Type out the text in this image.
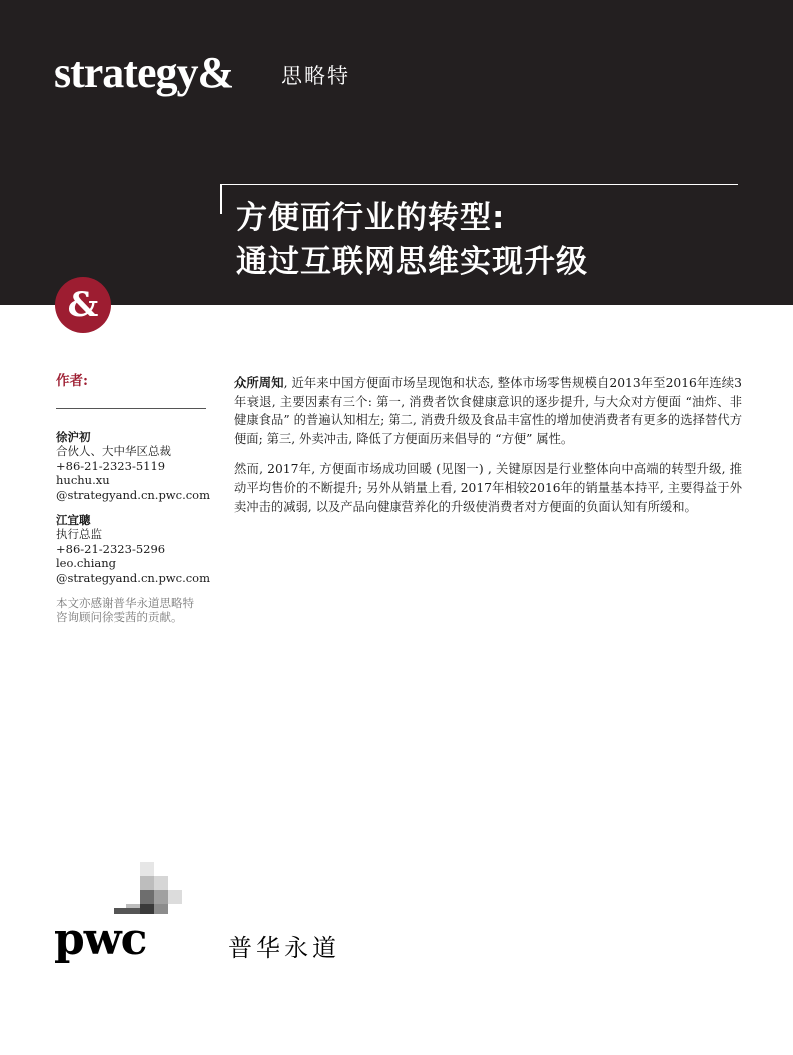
strategy& 思略特
方便面行业的转型:
通过互联网思维实现升级
&
作者:
徐沪初
合伙人、大中华区总裁
+86-21-2323-5119
huchu.xu
@strategyand.cn.pwc.com
江宜聰
执行总监
+86-21-2323-5296
leo.chiang
@strategyand.cn.pwc.com
本文亦感谢普华永道思略特
咨询顾问徐雯茜的贡献。

众所周知, 近年来中国方便面市场呈现饱和状态, 整体市场零售规模自2013年至2016年连续3年衰退, 主要因素有三个: 第一, 消费者饮食健康意识的逐步提升, 与大众对方便面 “油炸、非健康食品” 的普遍认知相左; 第二, 消费升级及食品丰富性的增加使消费者有更多的选择替代方便面; 第三, 外卖冲击, 降低了方便面历来倡导的 “方便” 属性。

然而, 2017年, 方便面市场成功回暖 (见图一) , 关键原因是行业整体向中高端的转型升级, 推动平均售价的不断提升; 另外从销量上看, 2017年相较2016年的销量基本持平, 主要得益于外卖冲击的减弱, 以及产品向健康营养化的升级使消费者对方便面的负面认知有所缓和。

pwc	普华永道
